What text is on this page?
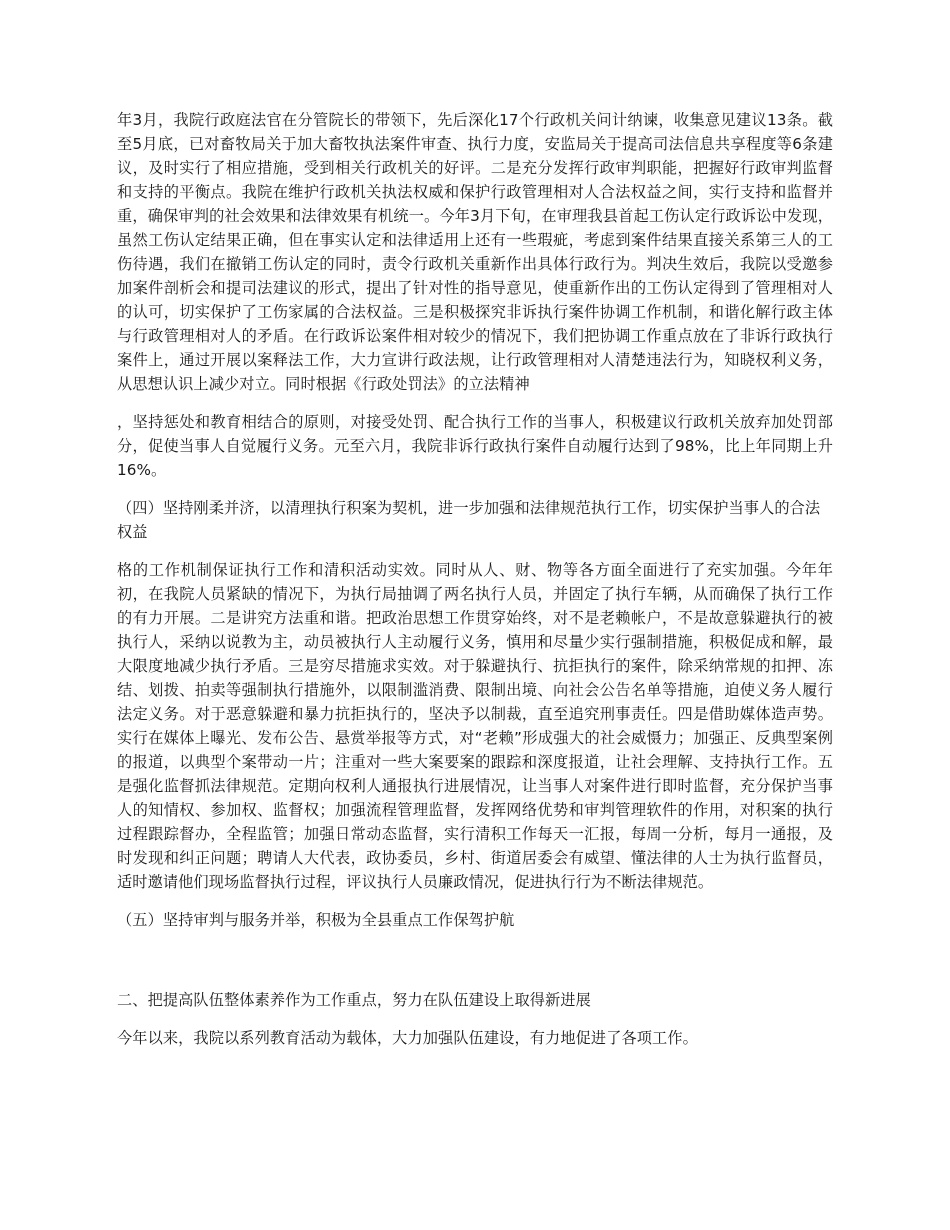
年3月，我院行政庭法官在分管院长的带领下，先后深化17个行政机关问计纳谏，收集意见建议13条。截至5月底，已对畜牧局关于加大畜牧执法案件审查、执行力度，安监局关于提高司法信息共享程度等6条建议，及时实行了相应措施，受到相关行政机关的好评。二是充分发挥行政审判职能，把握好行政审判监督和支持的平衡点。我院在维护行政机关执法权威和保护行政管理相对人合法权益之间，实行支持和监督并重，确保审判的社会效果和法律效果有机统一。今年3月下旬，在审理我县首起工伤认定行政诉讼中发现，虽然工伤认定结果正确，但在事实认定和法律适用上还有一些瑕疵，考虑到案件结果直接关系第三人的工伤待遇，我们在撤销工伤认定的同时，责令行政机关重新作出具体行政行为。判决生效后，我院以受邀参加案件剖析会和提司法建议的形式，提出了针对性的指导意见，使重新作出的工伤认定得到了管理相对人的认可，切实保护了工伤家属的合法权益。三是积极探究非诉执行案件协调工作机制，和谐化解行政主体与行政管理相对人的矛盾。在行政诉讼案件相对较少的情况下，我们把协调工作重点放在了非诉行政执行案件上，通过开展以案释法工作，大力宣讲行政法规，让行政管理相对人清楚违法行为，知晓权利义务，从思想认识上减少对立。同时根据《行政处罚法》的立法精神

，坚持惩处和教育相结合的原则，对接受处罚、配合执行工作的当事人，积极建议行政机关放弃加处罚部分，促使当事人自觉履行义务。元至六月，我院非诉行政执行案件自动履行达到了98%，比上年同期上升16%。

（四）坚持刚柔并济，以清理执行积案为契机，进一步加强和法律规范执行工作，切实保护当事人的合法权益

格的工作机制保证执行工作和清积活动实效。同时从人、财、物等各方面全面进行了充实加强。今年年初，在我院人员紧缺的情况下，为执行局抽调了两名执行人员，并固定了执行车辆，从而确保了执行工作的有力开展。二是讲究方法重和谐。把政治思想工作贯穿始终，对不是老赖帐户，不是故意躲避执行的被执行人，采纳以说教为主，动员被执行人主动履行义务，慎用和尽量少实行强制措施，积极促成和解，最大限度地减少执行矛盾。三是穷尽措施求实效。对于躲避执行、抗拒执行的案件，除采纳常规的扣押、冻结、划拨、拍卖等强制执行措施外，以限制滥消费、限制出境、向社会公告名单等措施，迫使义务人履行法定义务。对于恶意躲避和暴力抗拒执行的，坚决予以制裁，直至追究刑事责任。四是借助媒体造声势。实行在媒体上曝光、发布公告、悬赏举报等方式，对“老赖”形成强大的社会威慑力；加强正、反典型案例的报道，以典型个案带动一片；注重对一些大案要案的跟踪和深度报道，让社会理解、支持执行工作。五是强化监督抓法律规范。定期向权利人通报执行进展情况，让当事人对案件进行即时监督，充分保护当事人的知情权、参加权、监督权；加强流程管理监督，发挥网络优势和审判管理软件的作用，对积案的执行过程跟踪督办，全程监管；加强日常动态监督，实行清积工作每天一汇报，每周一分析，每月一通报，及时发现和纠正问题；聘请人大代表，政协委员，乡村、街道居委会有威望、懂法律的人士为执行监督员，适时邀请他们现场监督执行过程，评议执行人员廉政情况，促进执行行为不断法律规范。

（五）坚持审判与服务并举，积极为全县重点工作保驾护航

二、把提高队伍整体素养作为工作重点，努力在队伍建设上取得新进展

今年以来，我院以系列教育活动为载体，大力加强队伍建设，有力地促进了各项工作。
